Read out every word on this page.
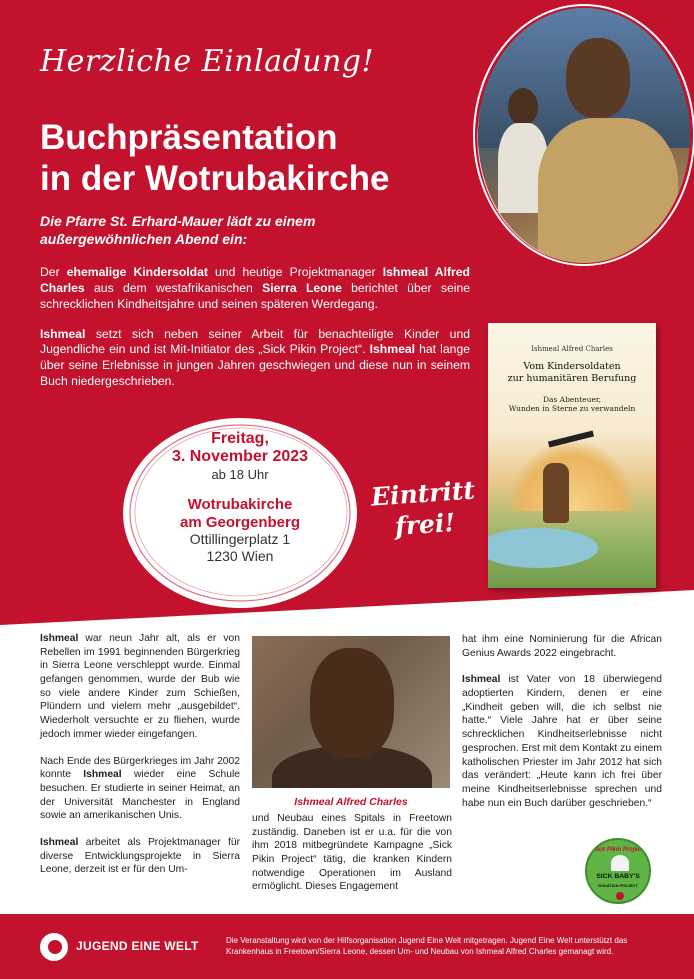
Herzliche Einladung!
Buchpräsentation
in der Wotrubakirche
Die Pfarre St. Erhard-Mauer lädt zu einem außergewöhnlichen Abend ein:

Der ehemalige Kindersoldat und heutige Projektmanager Ishmeal Alfred Charles aus dem westafrikanischen Sierra Leone berichtet über seine schrecklichen Kindheitsjahre und seinen späteren Werdegang.

Ishmeal setzt sich neben seiner Arbeit für benachteiligte Kinder und Jugendliche ein und ist Mit-Initiator des „Sick Pikin Project“. Ishmeal hat lange über seine Erlebnisse in jungen Jahren geschwiegen und diese nun in seinem Buch niedergeschrieben.

Ishmeal Alfred Charles
Vom Kindersoldaten
zur humanitären Berufung
Das Abenteuer,
Wunden in Sterne zu verwandeln
Freitag,
3. November 2023
ab 18 Uhr
Wotrubakirche
am Georgenberg
Ottillingerplatz 1
1230 Wien
Eintritt
frei!

Ishmeal war neun Jahr alt, als er von Rebellen im 1991 beginnenden Bürgerkrieg in Sierra Leone verschleppt wurde. Einmal gefangen genommen, wurde der Bub wie so viele andere Kinder zum Schießen, Plündern und vielem mehr „ausgebildet“. Wiederholt versuchte er zu fliehen, wurde jedoch immer wieder eingefangen.

Nach Ende des Bürgerkrieges im Jahr 2002 konnte Ishmeal wieder eine Schule besuchen. Er studierte in seiner Heimat, an der Universität Manchester in England sowie an amerikanischen Unis.

Ishmeal arbeitet als Projektmanager für diverse Entwicklungsprojekte in Sierra Leone, derzeit ist er für den Um-

Ishmeal Alfred Charles

und Neubau eines Spitals in Freetown zuständig. Daneben ist er u.a. für die von ihm 2018 mitbegründete Kampagne „Sick Pikin Project“ tätig, die kranken Kindern notwendige Operationen im Ausland ermöglicht. Dieses Engagement

hat ihm eine Nominierung für die African Genius Awards 2022 eingebracht.

Ishmeal ist Vater von 18 überwiegend adoptierten Kindern, denen er eine „Kindheit geben will, die ich selbst nie hatte.“ Viele Jahre hat er über seine schrecklichen Kindheitserlebnisse nicht gesprochen. Erst mit dem Kontakt zu einem katholischen Priester im Jahr 2012 hat sich das verändert: „Heute kann ich frei über meine Kindheitserlebnisse sprechen und habe nun ein Buch darüber geschrieben.“

Sick Pikin Project
SICK BABY'S
DONATION PROJECT
JUGEND EINE WELT	Die Veranstaltung wird von der Hilfsorganisation Jugend Eine Welt mitgetragen. Jugend Eine Welt unterstützt das Krankenhaus in Freetown/Sierra Leone, dessen Um- und Neubau von Ishmeal Alfred Charles gemanagt wird.
